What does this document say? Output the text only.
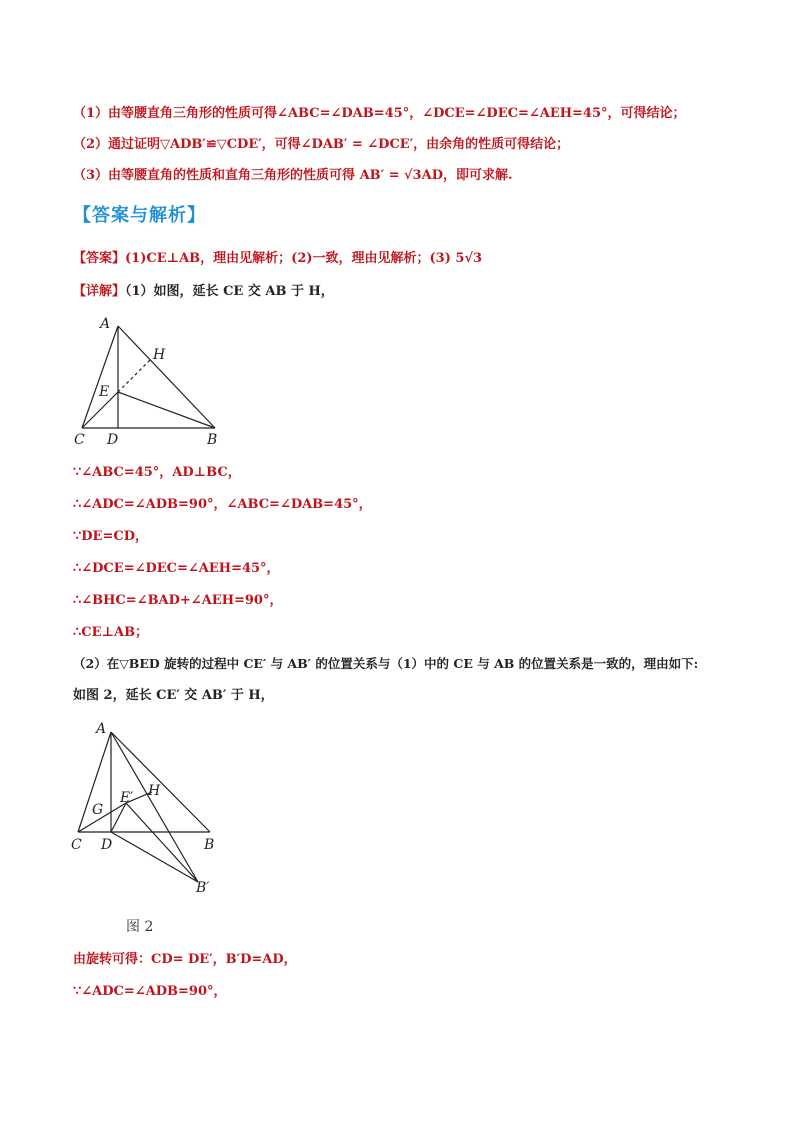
（1）由等腰直角三角形的性质可得∠ABC=∠DAB=45°，∠DCE=∠DEC=∠AEH=45°，可得结论；
（2）通过证明▽ADB′≌▽CDE′，可得∠DAB′ = ∠DCE′，由余角的性质可得结论；
（3）由等腰直角的性质和直角三角形的性质可得 AB′ = √3AD，即可求解.
【答案与解析】
【答案】(1)CE⊥AB，理由见解析；(2)一致，理由见解析；(3) 5√3
【详解】（1）如图，延长 CE 交 AB 于 H，
A
H
E
C D	B
∵∠ABC=45°，AD⊥BC，
∴∠ADC=∠ADB=90°，∠ABC=∠DAB=45°，
∵DE=CD，
∴∠DCE=∠DEC=∠AEH=45°，
∴∠BHC=∠BAD+∠AEH=90°，
∴CE⊥AB；
（2）在▽BED 旋转的过程中 CE′ 与 AB′ 的位置关系与（1）中的 CE 与 AB 的位置关系是一致的，理由如下:
如图 2，延长 CE′ 交 AB′ 于 H，
A
G
E′ H
C D	B
B′
图 2
由旋转可得：CD= DE′，B′D=AD，
∵∠ADC=∠ADB=90°，
